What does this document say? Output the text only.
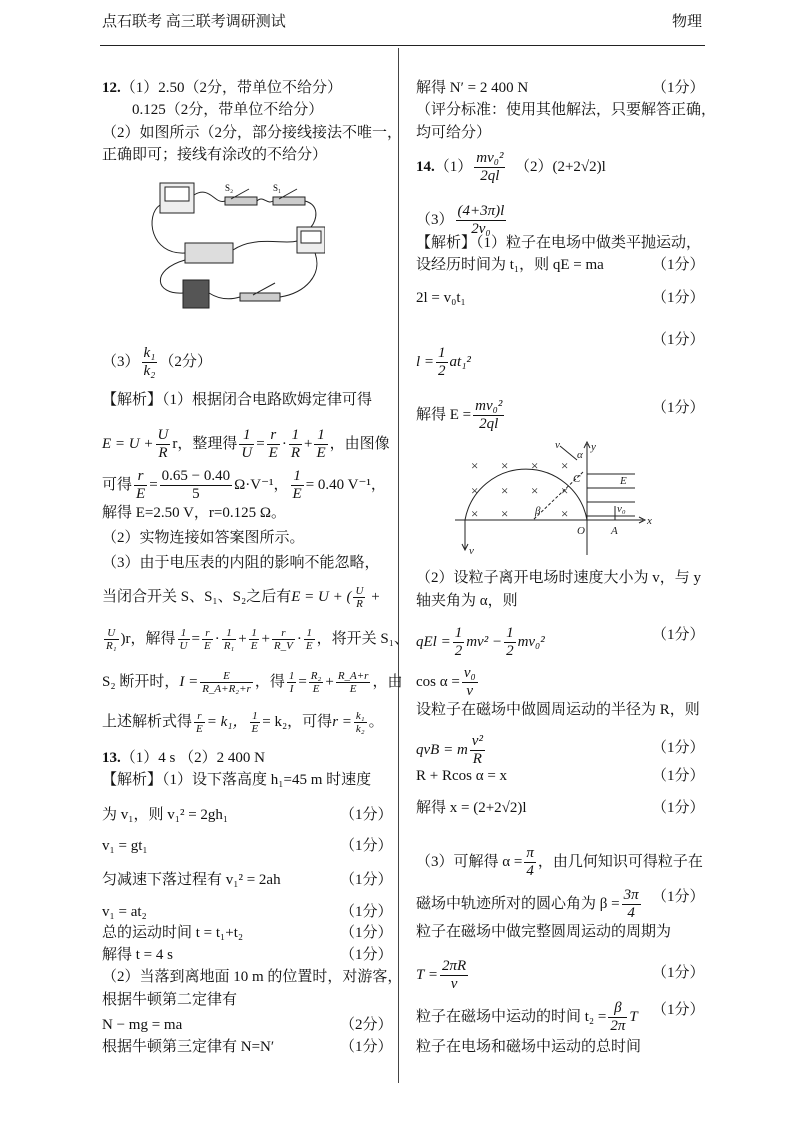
点石联考 高三联考调研测试	物理
12.（1）2.50（2分，带单位不给分）
0.125（2分，带单位不给分）
（2）如图所示（2分，部分接线接法不唯一，
正确即可；接线有涂改的不给分）
S₂	S₁
$(3) \frac{\text{k₁}}{\text{k₂}} (2$分）
【解析】（1）根据闭合电路欧姆定律可得
$E = U + \frac{U}{R}$ r，整理得 $\frac{1}{U} = \frac{r}{E} \cdot \frac{1}{R} + \frac{1}{E}$ ，由图像
可得 $\frac{r}{E} = \frac{0.65 - 0.40}{5} \Omega\cdot V^{-1}$， $\frac{1}{E} = 0.40$ V⁻¹，
解得 E=2.50 V，r=0.125 Ω。
（2）实物连接如答案图所示。
（3）由于电压表的内阻的影响不能忽略，
当闭合开关 S、S₁、S₂之后有E = U + ( $\frac{U}{R}$ +
$\frac{U}{\text{R₁}} )r$，解得 $\frac{1}{U} = \frac{r}{E} \cdot \frac{1}{\text{R₁}} + \frac{1}{E} + \frac{r}{R\_V} \cdot \frac{1}{E}$ ，将开关 S₁、
S₂ 断开时，$I = \frac{E}{\text{R\_A+R₂+r}}$ ，得 $\frac{1}{I} = \frac{\text{R₂}}{E} + \frac{R\_A+r}{E}$ ，由
上述解析式得 $\frac{r}{E} = k_1$， $\frac{1}{E} = k_2$，可得$r = \frac{\text{k₁}}{\text{k₂}}$ 。
13.（1）4 s （2）2 400 N
【解析】（1）设下落高度 h₁=45 m 时速度
为 v₁，则 v₁² = 2gh₁	（1分）
v₁ = gt₁	（1分）
匀减速下落过程有 v₁² = 2ah	（1分）
v₁ = at₂	（1分）
总的运动时间 t = t₁+t₂	（1分）
解得 t = 4 s	（1分）
（2）当落到离地面 10 m 的位置时，对游客，
根据牛顿第二定律有
N − mg = ma	（2分）
根据牛顿第三定律有 N=N′	（1分）
解得 N′ = 2 400 N	（1分）
（评分标准：使用其他解法，只要解答正确，
均可给分）
$14.(1) \frac{\text{mv₀²}}{2ql} (2)(2+2√2)l$
$(3) \frac{(4+3\pi)l}{\text{2v₀}}$
【解析】（1）粒子在电场中做类平抛运动，
设经历时间为 t₁，则 qE = ma	（1分）
2l = v₀t₁	（1分）
（1分）
$l = \frac{1}{2} at_1^2$
解得 $E = \frac{\text{mv₀²}}{2ql}$	（1分）
× × × ×
× × × ×
× ×	×
v
α
y
E
C
v₀
β
O A
x
v
（2）设粒子离开电场时速度大小为 v，与 y
轴夹角为 α，则
qEl = $\frac{1}{2} mv^2 - \frac{1}{2} mv_0^2$	（1分）
$\cos \alpha = \frac{\text{v₀}}{v}$
设粒子在磁场中做圆周运动的半径为 R，则
qvB = m $\frac{\text{v²}}{R}$	（1分）
R + Rcos α = x	（1分）
解得 x = (2+2√2)l	（1分）
（3）可解得 $\alpha = \frac{\pi}{4}$ ，由几何知识可得粒子在
磁场中轨迹所对的圆心角为 $\beta = \frac{3\pi}{4} (1$分）
粒子在磁场中做完整圆周运动的周期为
$T = \frac{2\pi R}{v}$	（1分）
粒子在磁场中运动的时间 $t_2 = \frac{\beta}{2\pi}$ T （1分）
粒子在电场和磁场中运动的总时间
